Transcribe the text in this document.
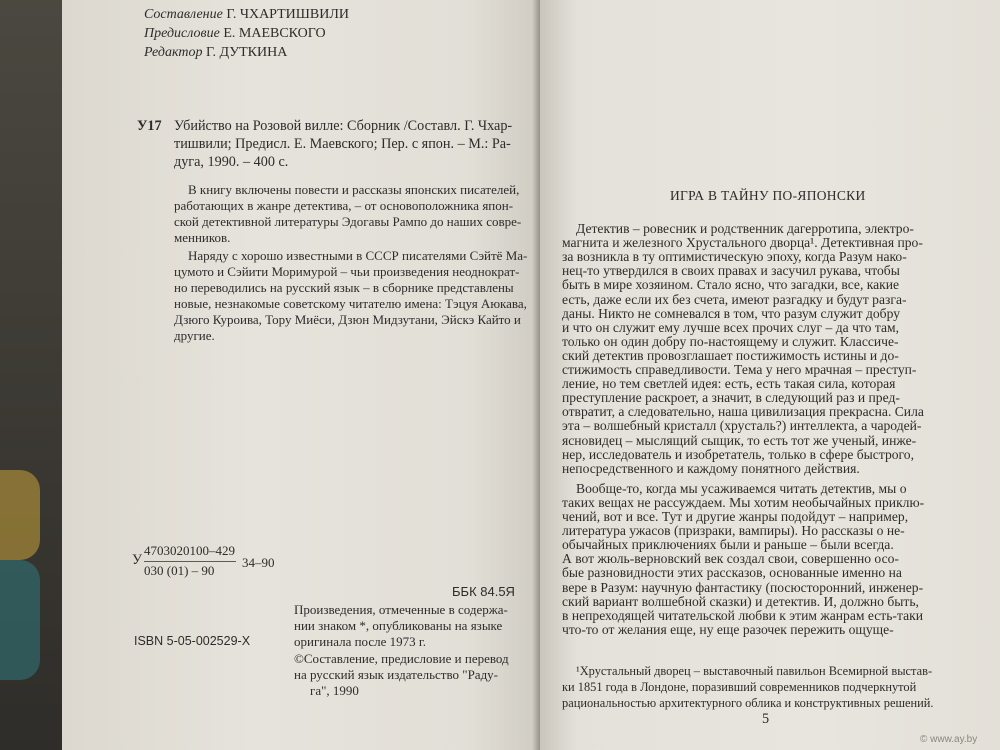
Составление Г. ЧХАРТИШВИЛИ
Предисловие Е. МАЕВСКОГО
Редактор Г. ДУТКИНА
У17 Убийство на Розовой вилле: Сборник /Составл. Г. Чхар-
тишвили; Предисл. Е. Маевского; Пер. с япон. – М.: Ра-
дуга, 1990. – 400 с.
В книгу включены повести и рассказы японских писателей,
работающих в жанре детектива, – от основоположника япон-
ской детективной литературы Эдогавы Рампо до наших совре-
менников.
Наряду с хорошо известными в СССР писателями Сэйтё Ма-
цумото и Сэйити Моримурой – чьи произведения неоднократ-
но переводились на русский язык – в сборнике представлены
новые, незнакомые советскому читателю имена: Тэцуя Аюкава,
Дзюго Куроива, Тору Миёси, Дзюн Мидзутани, Эйскэ Кайто и
другие.
У
4703020100–429
030 (01) – 90
34–90
ББК 84.5Я
Произведения, отмеченные в содержа-
нии знаком *, опубликованы на языке
оригинала после 1973 г.
ISBN 5-05-002529-X
©Составление, предисловие и перевод
на русский язык издательство "Раду-
га", 1990
ИГРА В ТАЙНУ ПО-ЯПОНСКИ
Детектив – ровесник и родственник дагерротипа, электро-
магнита и железного Хрустального дворца¹. Детективная про-
за возникла в ту оптимистическую эпоху, когда Разум нако-
нец-то утвердился в своих правах и засучил рукава, чтобы
быть в мире хозяином. Стало ясно, что загадки, все, какие
есть, даже если их без счета, имеют разгадку и будут разга-
даны. Никто не сомневался в том, что разум служит добру
и что он служит ему лучше всех прочих слуг – да что там,
только он один добру по-настоящему и служит. Классиче-
ский детектив провозглашает постижимость истины и до-
стижимость справедливости. Тема у него мрачная – преступ-
ление, но тем светлей идея: есть, есть такая сила, которая
преступление раскроет, а значит, в следующий раз и пред-
отвратит, а следовательно, наша цивилизация прекрасна. Сила
эта – волшебный кристалл (хрусталь?) интеллекта, а чародей-
ясновидец – мыслящий сыщик, то есть тот же ученый, инже-
нер, исследователь и изобретатель, только в сфере быстрого,
непосредственного и каждому понятного действия.
Вообще-то, когда мы усаживаемся читать детектив, мы о
таких вещах не рассуждаем. Мы хотим необычайных приклю-
чений, вот и все. Тут и другие жанры подойдут – например,
литература ужасов (призраки, вампиры). Но рассказы о не-
обычайных приключениях были и раньше – были всегда.
А вот жюль-верновский век создал свои, совершенно осо-
бые разновидности этих рассказов, основанные именно на
вере в Разум: научную фантастику (посюсторонний, инженер-
ский вариант волшебной сказки) и детектив. И, должно быть,
в непреходящей читательской любви к этим жанрам есть-таки
что-то от желания еще, ну еще разочек пережить ощуще-
¹Хрустальный дворец – выставочный павильон Всемирной выстав-
ки 1851 года в Лондоне, поразивший современников подчеркнутой
рациональностью архитектурного облика и конструктивных решений.
5
© www.ay.by
